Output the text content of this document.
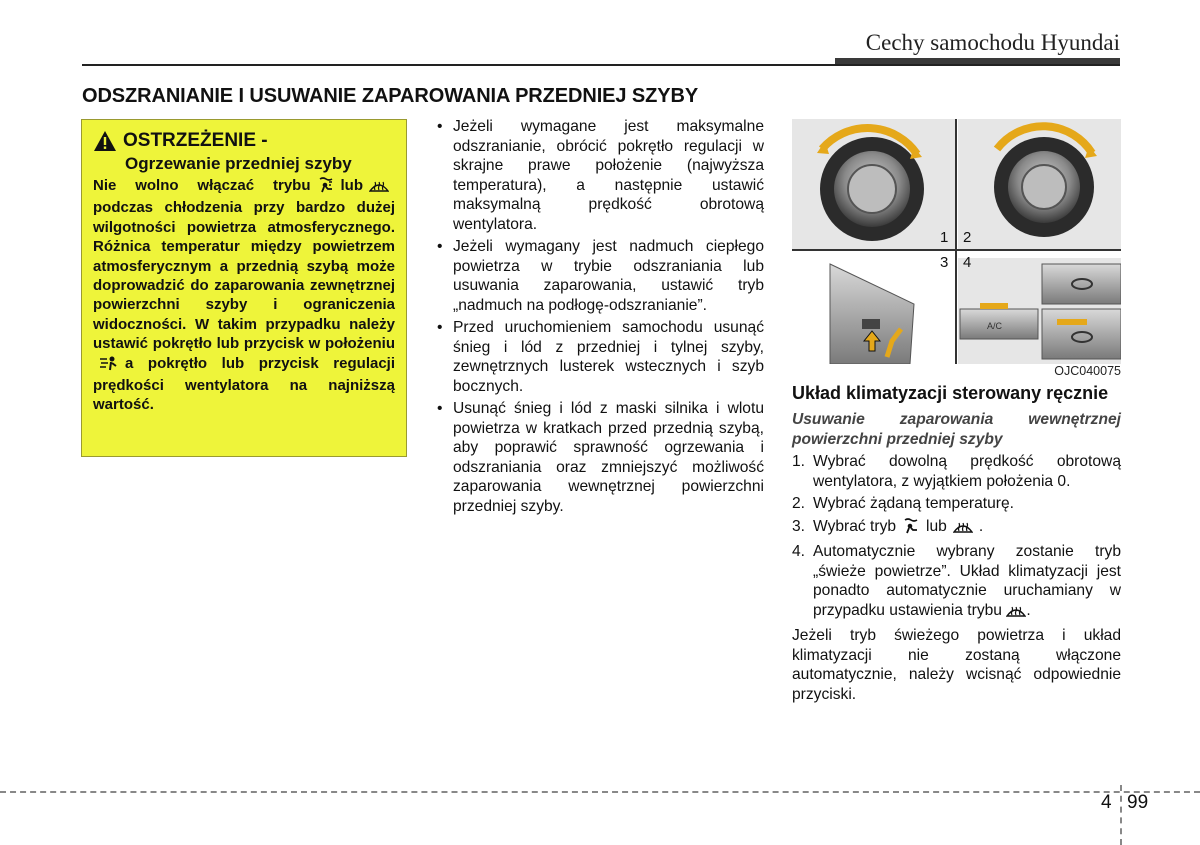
Cechy samochodu Hyundai
ODSZRANIANIE I USUWANIE ZAPAROWANIA PRZEDNIEJ SZYBY
OSTRZEŻENIE -
Ogrzewanie przedniej szyby
Nie wolno włączać trybu lub podczas chłodzenia przy bardzo dużej wilgotności powietrza atmosferycznego. Różnica temperatur między powietrzem atmosferycznym a przednią szybą może doprowadzić do zaparowania zewnętrznej powierzchni szyby i ograniczenia widoczności. W takim przypadku należy ustawić pokrętło lub przycisk w położeniua pokrętło lub przycisk regulacji prędkości wentylatora na najniższą wartość.
• Jeżeli wymagane jest maksymalne odszranianie, obrócić pokrętło regulacji w skrajne prawe położenie (najwyższa temperatura), a następnie ustawić maksymalną prędkość obrotową wentylatora.
• Jeżeli wymagany jest nadmuch ciepłego powietrza w trybie odszraniania lub usuwania zaparowania, ustawić tryb „nadmuch na podłogę-odszranianie”.
• Przed uruchomieniem samochodu usunąć śnieg i lód z przedniej i tylnej szyby, zewnętrznych lusterek wstecznych i szyb bocznych.
• Usunąć śnieg i lód z maski silnika i wlotu powietrza w kratkach przed przednią szybą, aby poprawić sprawność ogrzewania i odszraniania oraz zmniejszyć możliwość zaparowania wewnętrznej powierzchni przedniej szyby.
A/C
1 2
3 4
OJC040075

Układ klimatyzacji sterowany ręcznie

Usuwanie zaparowania wewnętrznej powierzchni przedniej szyby
1. Wybrać dowolną prędkość obrotową wentylatora, z wyjątkiem położenia 0.
2. Wybrać żądaną temperaturę.
3. Wybrać tryb lub .
4. Automatycznie wybrany zostanie tryb „świeże powietrze”. Układ klimatyzacji jest ponadto automatycznie uruchamiany w przypadku ustawienia trybu .
Jeżeli tryb świeżego powietrza i układ klimatyzacji nie zostaną włączone automatycznie, należy wcisnąć odpowiednie przyciski.
4 99
